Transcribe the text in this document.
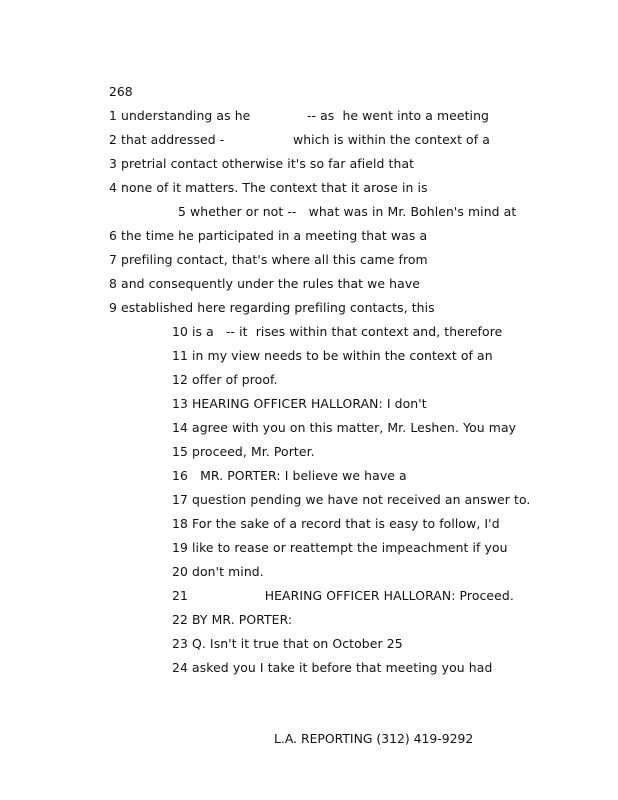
268
1 understanding as he              -- as  he went into a meeting
2 that addressed -                 which is within the context of a
3 pretrial contact otherwise it's so far afield that
4 none of it matters. The context that it arose in is
5 whether or not --   what was in Mr. Bohlen's mind at
6 the time he participated in a meeting that was a
7 prefiling contact, that's where all this came from
8 and consequently under the rules that we have
9 established here regarding prefiling contacts, this
10 is a   -- it  rises within that context and, therefore
11 in my view needs to be within the context of an
12 offer of proof.
13 HEARING OFFICER HALLORAN: I don't
14 agree with you on this matter, Mr. Leshen. You may
15 proceed, Mr. Porter.
16   MR. PORTER: I believe we have a
17 question pending we have not received an answer to.
18 For the sake of a record that is easy to follow, I'd
19 like to rease or reattempt the impeachment if you
20 don't mind.
21                   HEARING OFFICER HALLORAN: Proceed.
22 BY MR. PORTER:
23 Q. Isn't it true that on October 25
24 asked you I take it before that meeting you had
L.A. REPORTING (312) 419-9292
